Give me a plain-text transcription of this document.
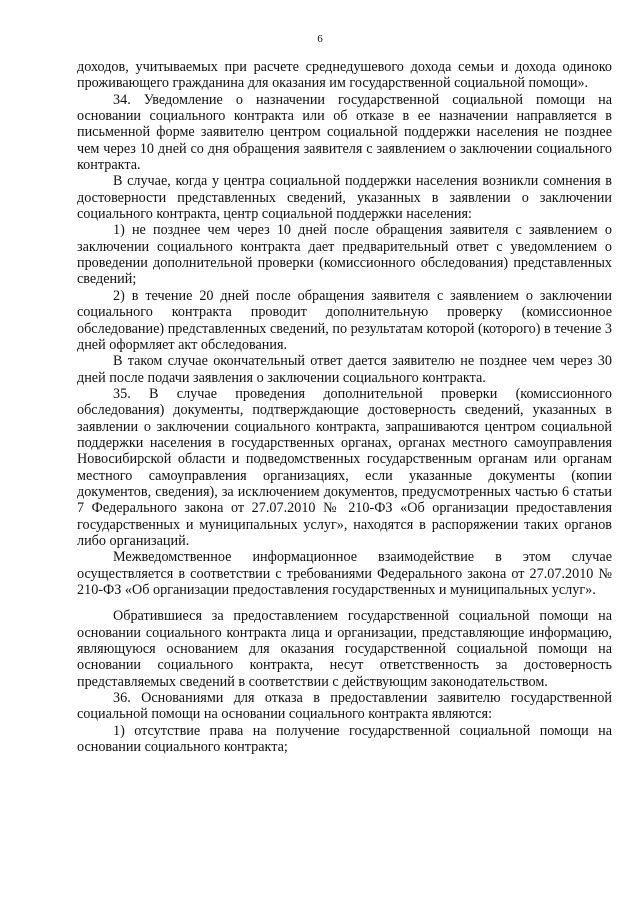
6

доходов, учитываемых при расчете среднедушевого дохода семьи и дохода одиноко проживающего гражданина для оказания им государственной социальной помощи».

34. Уведомление о назначении государственной социальной помощи на основании социального контракта или об отказе в ее назначении направляется в письменной форме заявителю центром социальной поддержки населения не позднее чем через 10 дней со дня обращения заявителя с заявлением о заключении социального контракта.

В случае, когда у центра социальной поддержки населения возникли сомнения в достоверности представленных сведений, указанных в заявлении о заключении социального контракта, центр социальной поддержки населения:

1) не позднее чем через 10 дней после обращения заявителя с заявлением о заключении социального контракта дает предварительный ответ с уведомлением о проведении дополнительной проверки (комиссионного обследования) представленных сведений;

2) в течение 20 дней после обращения заявителя с заявлением о заключении социального контракта проводит дополнительную проверку (комиссионное обследование) представленных сведений, по результатам которой (которого) в течение 3 дней оформляет акт обследования.

В таком случае окончательный ответ дается заявителю не позднее чем через 30 дней после подачи заявления о заключении социального контракта.

35. В случае проведения дополнительной проверки (комиссионного обследования) документы, подтверждающие достоверность сведений, указанных в заявлении о заключении социального контракта, запрашиваются центром социальной поддержки населения в государственных органах, органах местного самоуправления Новосибирской области и подведомственных государственным органам или органам местного самоуправления организациях, если указанные документы (копии документов, сведения), за исключением документов, предусмотренных частью 6 статьи 7 Федерального закона от 27.07.2010 № 210-ФЗ «Об организации предоставления государственных и муниципальных услуг», находятся в распоряжении таких органов либо организаций.

Межведомственное информационное взаимодействие в этом случае осуществляется в соответствии с требованиями Федерального закона от 27.07.2010 № 210-ФЗ «Об организации предоставления государственных и муниципальных услуг».

Обратившиеся за предоставлением государственной социальной помощи на основании социального контракта лица и организации, представляющие информацию, являющуюся основанием для оказания государственной социальной помощи на основании социального контракта, несут ответственность за достоверность представляемых сведений в соответствии с действующим законодательством.

36. Основаниями для отказа в предоставлении заявителю государственной социальной помощи на основании социального контракта являются:

1) отсутствие права на получение государственной социальной помощи на основании социального контракта;
